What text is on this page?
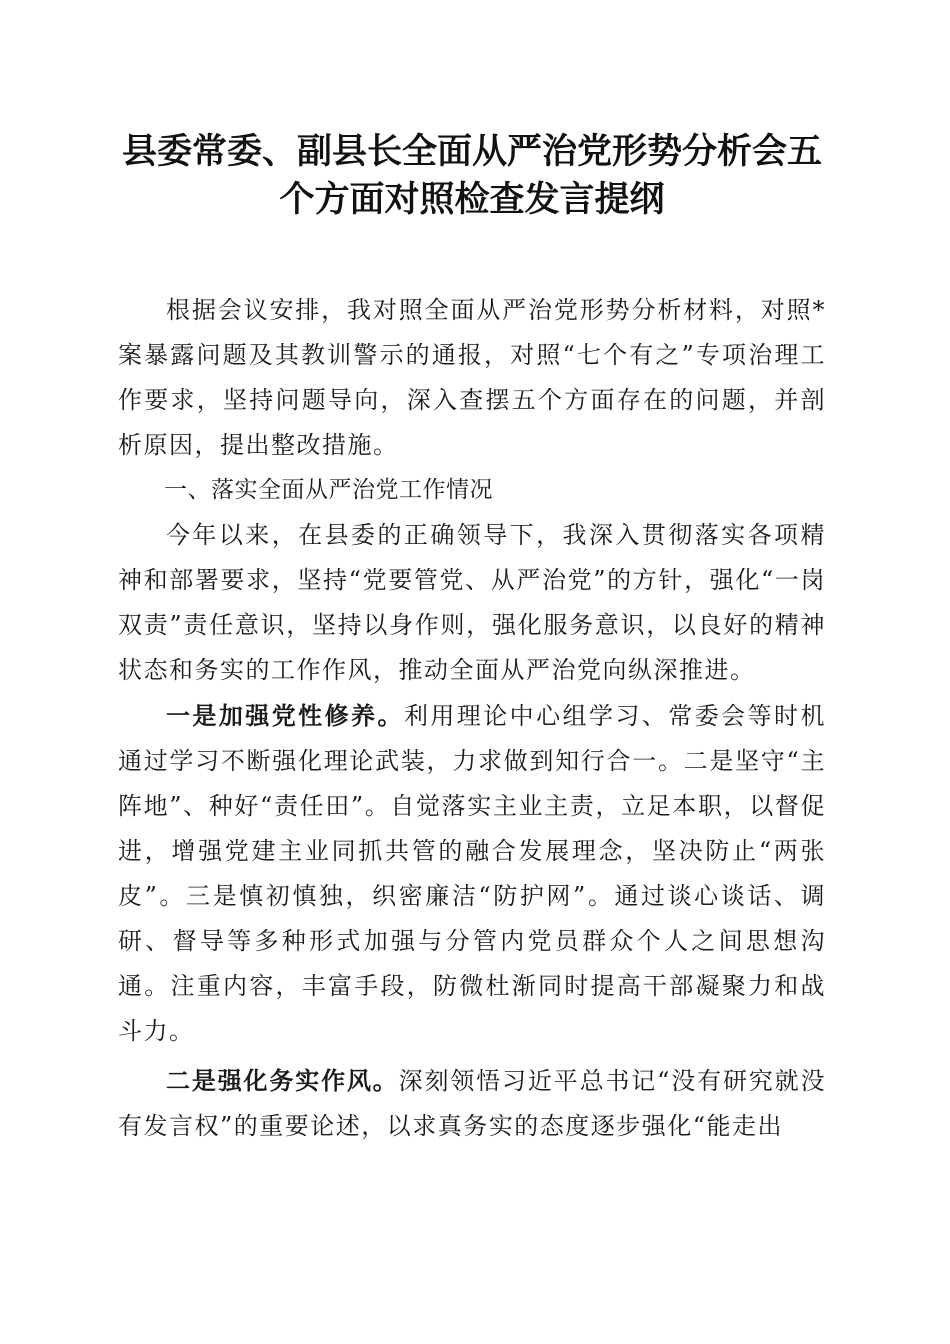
县委常委、副县长全面从严治党形势分析会五
个方面对照检查发言提纲

根据会议安排，我对照全面从严治党形势分析材料，对照*案暴露问题及其教训警示的通报，对照“七个有之”专项治理工作要求，坚持问题导向，深入查摆五个方面存在的问题，并剖析原因，提出整改措施。

一、落实全面从严治党工作情况

今年以来，在县委的正确领导下，我深入贯彻落实各项精神和部署要求，坚持“党要管党、从严治党”的方针，强化“一岗双责”责任意识，坚持以身作则，强化服务意识，以良好的精神状态和务实的工作作风，推动全面从严治党向纵深推进。

一是加强党性修养。利用理论中心组学习、常委会等时机通过学习不断强化理论武装，力求做到知行合一。二是坚守“主阵地”、种好“责任田”。自觉落实主业主责，立足本职，以督促进，增强党建主业同抓共管的融合发展理念，坚决防止“两张皮”。三是慎初慎独，织密廉洁“防护网”。通过谈心谈话、调研、督导等多种形式加强与分管内党员群众个人之间思想沟通。注重内容，丰富手段，防微杜渐同时提高干部凝聚力和战斗力。

二是强化务实作风。深刻领悟习近平总书记“没有研究就没有发言权”的重要论述，以求真务实的态度逐步强化“能走出
